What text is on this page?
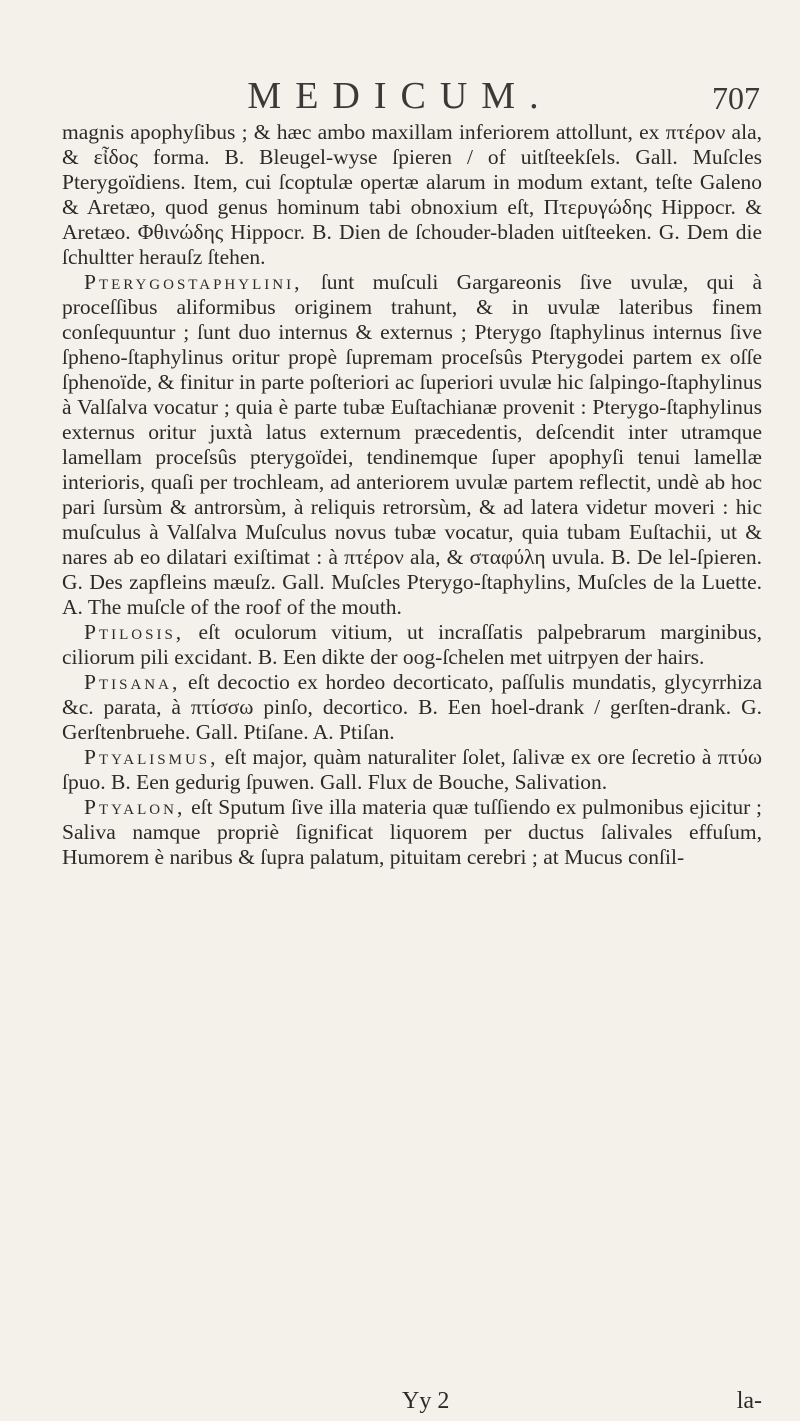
MEDICUM.	707

magnis apophyſibus ; & hæc ambo maxillam inferiorem attollunt, ex πτέρον ala, & εἶδος forma. B. Bleugel-wyse ſpieren / of uitſteekſels. Gall. Muſcles Pterygoïdiens. Item, cui ſcoptulæ opertæ alarum in modum extant, teſte Galeno & Aretæo, quod genus hominum tabi obnoxium eſt, Πτερυγώδης Hippocr. & Aretæo. Φθινώδης Hippocr. B. Dien de ſchouder-bladen uitſteeken. G. Dem die ſchultter herauſz ſtehen.

Pterygostaphylini, ſunt muſculi Gargareonis ſive uvulæ, qui à proceſſibus aliformibus originem trahunt, & in uvulæ lateribus finem conſequuntur ; ſunt duo internus & externus ; Pterygo ſtaphylinus internus ſive ſpheno-ſtaphylinus oritur propè ſupremam proceſsûs Pterygodei partem ex oſſe ſphenoïde, & finitur in parte poſteriori ac ſuperiori uvulæ hic ſalpingo-ſtaphylinus à Valſalva vocatur ; quia è parte tubæ Euſtachianæ provenit : Pterygo-ſtaphylinus externus oritur juxtà latus externum præcedentis, deſcendit inter utramque lamellam proceſsûs pterygoïdei, tendinemque ſuper apophyſi tenui lamellæ interioris, quaſi per trochleam, ad anteriorem uvulæ partem reflectit, undè ab hoc pari ſursùm & antrorsùm, à reliquis retrorsùm, & ad latera videtur moveri : hic muſculus à Valſalva Muſculus novus tubæ vocatur, quia tubam Euſtachii, ut & nares ab eo dilatari exiſtimat : à πτέρον ala, & σταφύλη uvula. B. De lel-ſpieren. G. Des zapfleins mæuſz. Gall. Muſcles Pterygo-ſtaphylins, Muſcles de la Luette. A. The muſcle of the roof of the mouth.

Ptilosis, eſt oculorum vitium, ut incraſſatis palpebrarum marginibus, ciliorum pili excidant. B. Een dikte der oog-ſchelen met uitrpyen der hairs.

Ptisana, eſt decoctio ex hordeo decorticato, paſſulis mundatis, glycyrrhiza &c. parata, à πτίσσω pinſo, decortico. B. Een hoel-drank / gerſten-drank. G. Gerſtenbruehe. Gall. Ptiſane. A. Ptiſan.

Ptyalismus, eſt major, quàm naturaliter ſolet, ſalivæ ex ore ſecretio à πτύω ſpuo. B. Een gedurig ſpuwen. Gall. Flux de Bouche, Salivation.

Ptyalon, eſt Sputum ſive illa materia quæ tuſſiendo ex pulmonibus ejicitur ; Saliva namque propriè ſignificat liquorem per ductus ſalivales effuſum, Humorem è naribus & ſupra palatum, pituitam cerebri ; at Mucus conſil-

Yy 2	la-
